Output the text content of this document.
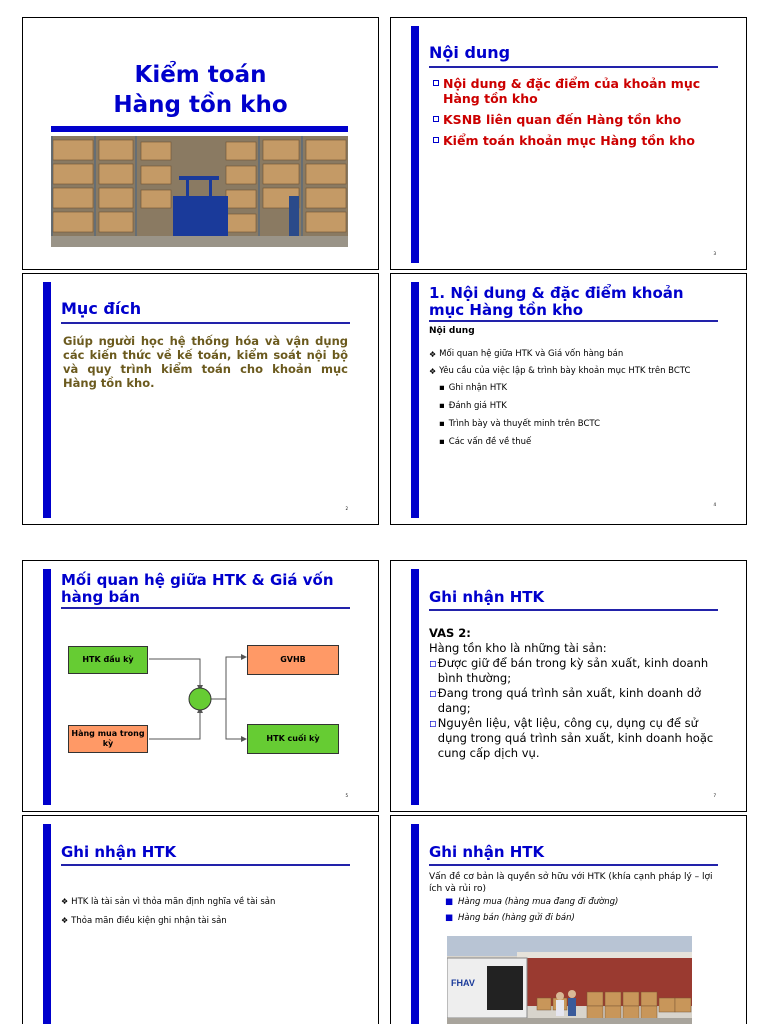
Kiểm toán
Hàng tồn kho
Nội dung
Nội dung & đặc điểm của khoản mục Hàng tồn kho
KSNB liên quan đến Hàng tồn kho
Kiểm toán khoản mục Hàng tồn kho
3
Mục đích
Giúp người học hệ thống hóa và vận dụng các kiến thức về kế toán, kiểm soát nội bộ và quy trình kiểm toán cho khoản mục Hàng tồn kho.
2
1. Nội dung & đặc điểm khoản mục Hàng tồn kho
Nội dung
❖ Mối quan hệ giữa HTK và Giá vốn hàng bán
❖ Yêu cầu của việc lập & trình bày khoản mục HTK trên BCTC
▪ Ghi nhận HTK
▪ Đánh giá HTK
▪ Trình bày và thuyết minh trên BCTC
▪ Các vấn đề về thuế
4
Mối quan hệ giữa HTK & Giá vốn hàng bán
HTK đầu kỳ
Hàng mua trong kỳ
GVHB
HTK cuối kỳ
5
Ghi nhận HTK
VAS 2:
Hàng tồn kho là những tài sản:
▫ Được giữ để bán trong kỳ sản xuất, kinh doanh bình thường;
▫ Đang trong quá trình sản xuất, kinh doanh dở dang;
▫ Nguyên liệu, vật liệu, công cụ, dụng cụ để sử dụng trong quá trình sản xuất, kinh doanh hoặc cung cấp dịch vụ.
7
Ghi nhận HTK
❖ HTK là tài sản vì thỏa mãn định nghĩa về tài sản
❖ Thỏa mãn điều kiện ghi nhận tài sản
Ghi nhận HTK
Vấn đề cơ bản là quyền sở hữu với HTK (khía cạnh pháp lý – lợi ích và rủi ro)
■ Hàng mua (hàng mua đang đi đường)
■ Hàng bán (hàng gửi đi bán)
FHAV
